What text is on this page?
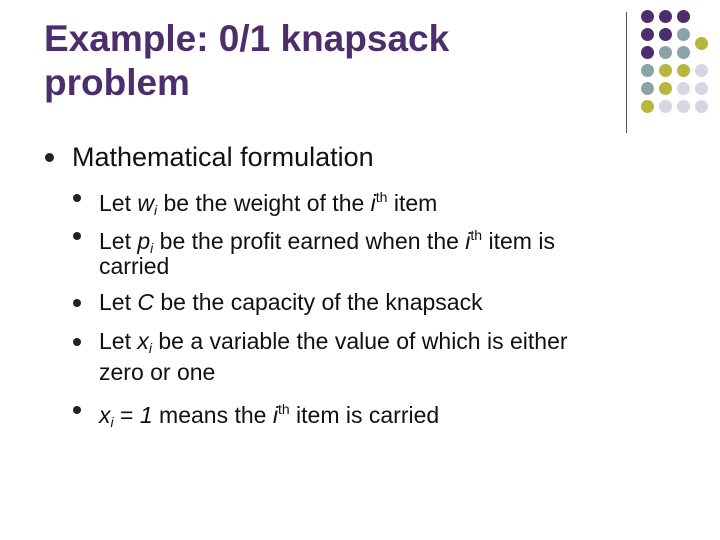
Example: 0/1 knapsack
problem
Mathematical formulation
Let $w_i$ be the weight of the $i^{th}$ item
Let $p_i$ be the profit earned when the $i^{th}$ item is
carried
Let C be the capacity of the knapsack
Let $x_i$ be a variable the value of which is either
zero or one
$x_i = 1$ means the $i^{th}$ item is carried
